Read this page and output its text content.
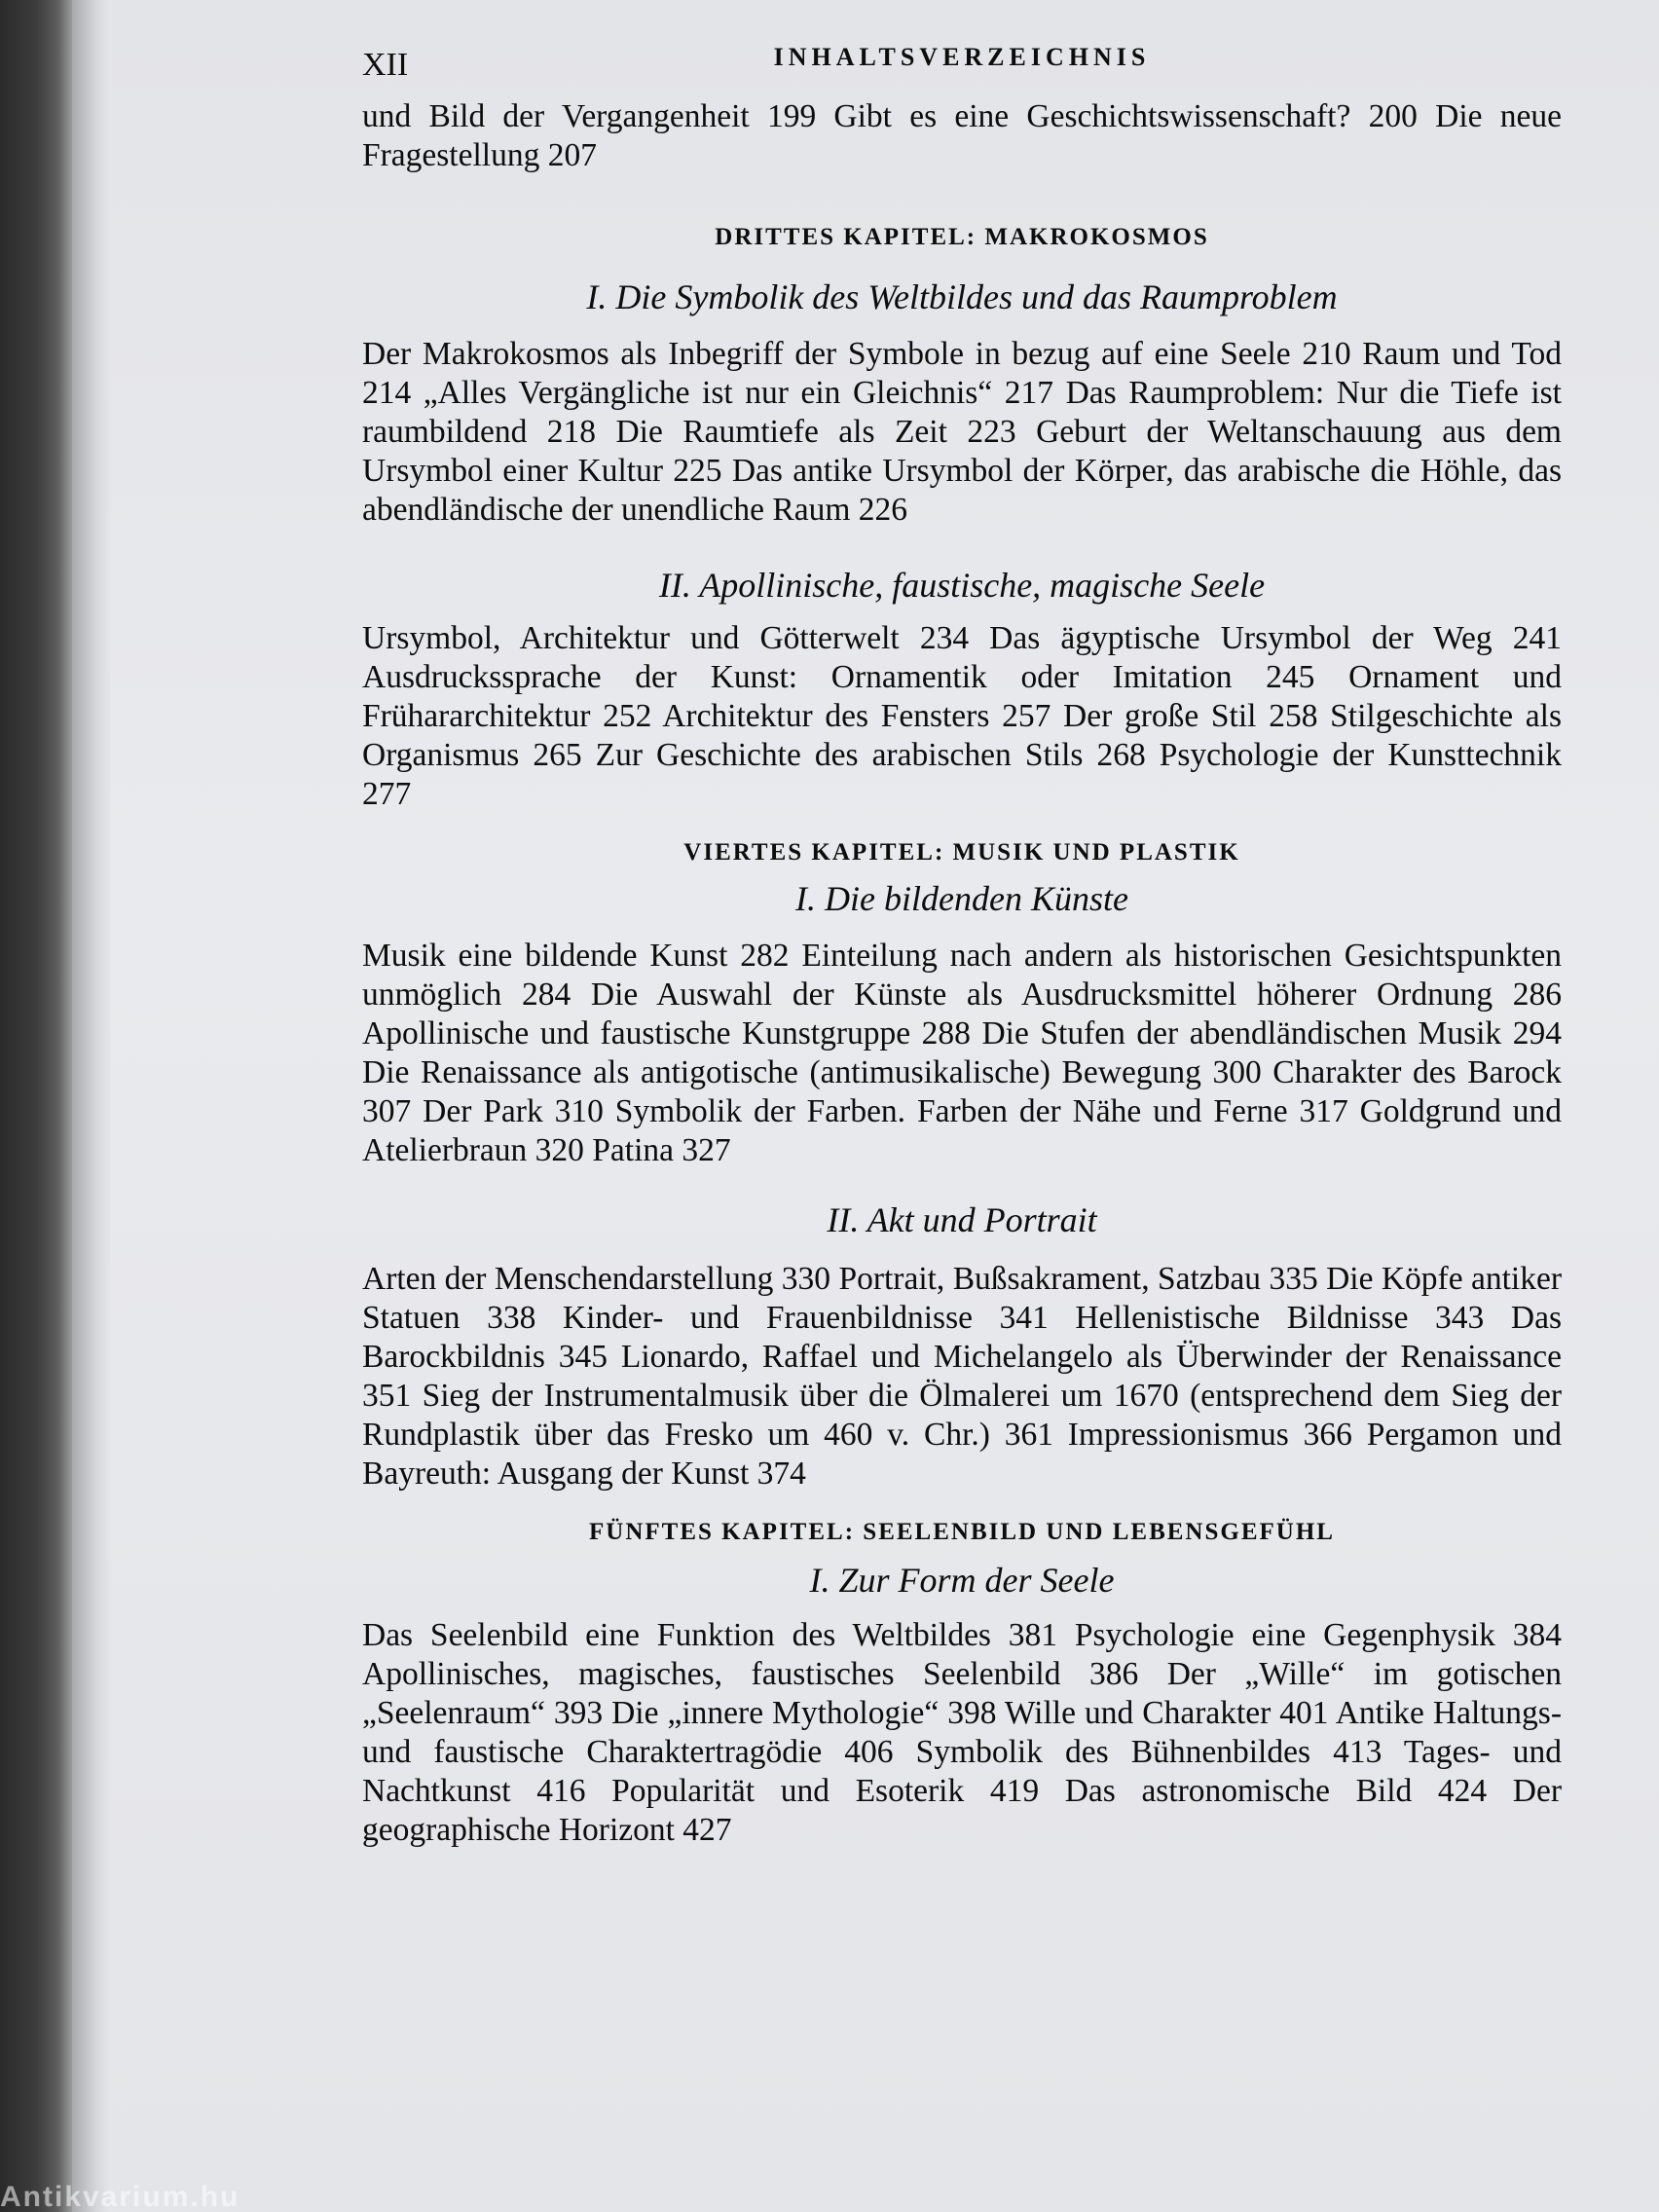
XII	INHALTSVERZEICHNIS

und Bild der Vergangenheit 199 Gibt es eine Geschichtswissenschaft? 200 Die neue Fragestellung 207

DRITTES KAPITEL: MAKROKOSMOS

I. Die Symbolik des Weltbildes und das Raumproblem

Der Makrokosmos als Inbegriff der Symbole in bezug auf eine Seele 210 Raum und Tod 214 „Alles Vergängliche ist nur ein Gleichnis“ 217 Das Raumproblem: Nur die Tiefe ist raumbildend 218 Die Raumtiefe als Zeit 223 Geburt der Weltanschauung aus dem Ursymbol einer Kultur 225 Das antike Ursymbol der Körper, das arabische die Höhle, das abendländische der unendliche Raum 226

II. Apollinische, faustische, magische Seele

Ursymbol, Architektur und Götterwelt 234 Das ägyptische Ursymbol der Weg 241 Ausdruckssprache der Kunst: Ornamentik oder Imitation 245 Ornament und Frühararchitektur 252 Architektur des Fensters 257 Der große Stil 258 Stilgeschichte als Organismus 265 Zur Geschichte des arabischen Stils 268 Psychologie der Kunsttechnik 277

VIERTES KAPITEL: MUSIK UND PLASTIK

I. Die bildenden Künste

Musik eine bildende Kunst 282 Einteilung nach andern als historischen Gesichtspunkten unmöglich 284 Die Auswahl der Künste als Ausdrucksmittel höherer Ordnung 286 Apollinische und faustische Kunstgruppe 288 Die Stufen der abendländischen Musik 294 Die Renaissance als antigotische (antimusikalische) Bewegung 300 Charakter des Barock 307 Der Park 310 Symbolik der Farben. Farben der Nähe und Ferne 317 Goldgrund und Atelierbraun 320 Patina 327

II. Akt und Portrait

Arten der Menschendarstellung 330 Portrait, Bußsakrament, Satzbau 335 Die Köpfe antiker Statuen 338 Kinder- und Frauenbildnisse 341 Hellenistische Bildnisse 343 Das Barockbildnis 345 Lionardo, Raffael und Michelangelo als Überwinder der Renaissance 351 Sieg der Instrumentalmusik über die Ölmalerei um 1670 (entsprechend dem Sieg der Rundplastik über das Fresko um 460 v. Chr.) 361 Impressionismus 366 Pergamon und Bayreuth: Ausgang der Kunst 374

FÜNFTES KAPITEL: SEELENBILD UND LEBENSGEFÜHL

I. Zur Form der Seele

Das Seelenbild eine Funktion des Weltbildes 381 Psychologie eine Gegenphysik 384 Apollinisches, magisches, faustisches Seelenbild 386 Der „Wille“ im gotischen „Seelenraum“ 393 Die „innere Mythologie“ 398 Wille und Charakter 401 Antike Haltungs- und faustische Charaktertragödie 406 Symbolik des Bühnenbildes 413 Tages- und Nachtkunst 416 Popularität und Esoterik 419 Das astronomische Bild 424 Der geographische Horizont 427

Antikvarium.hu
